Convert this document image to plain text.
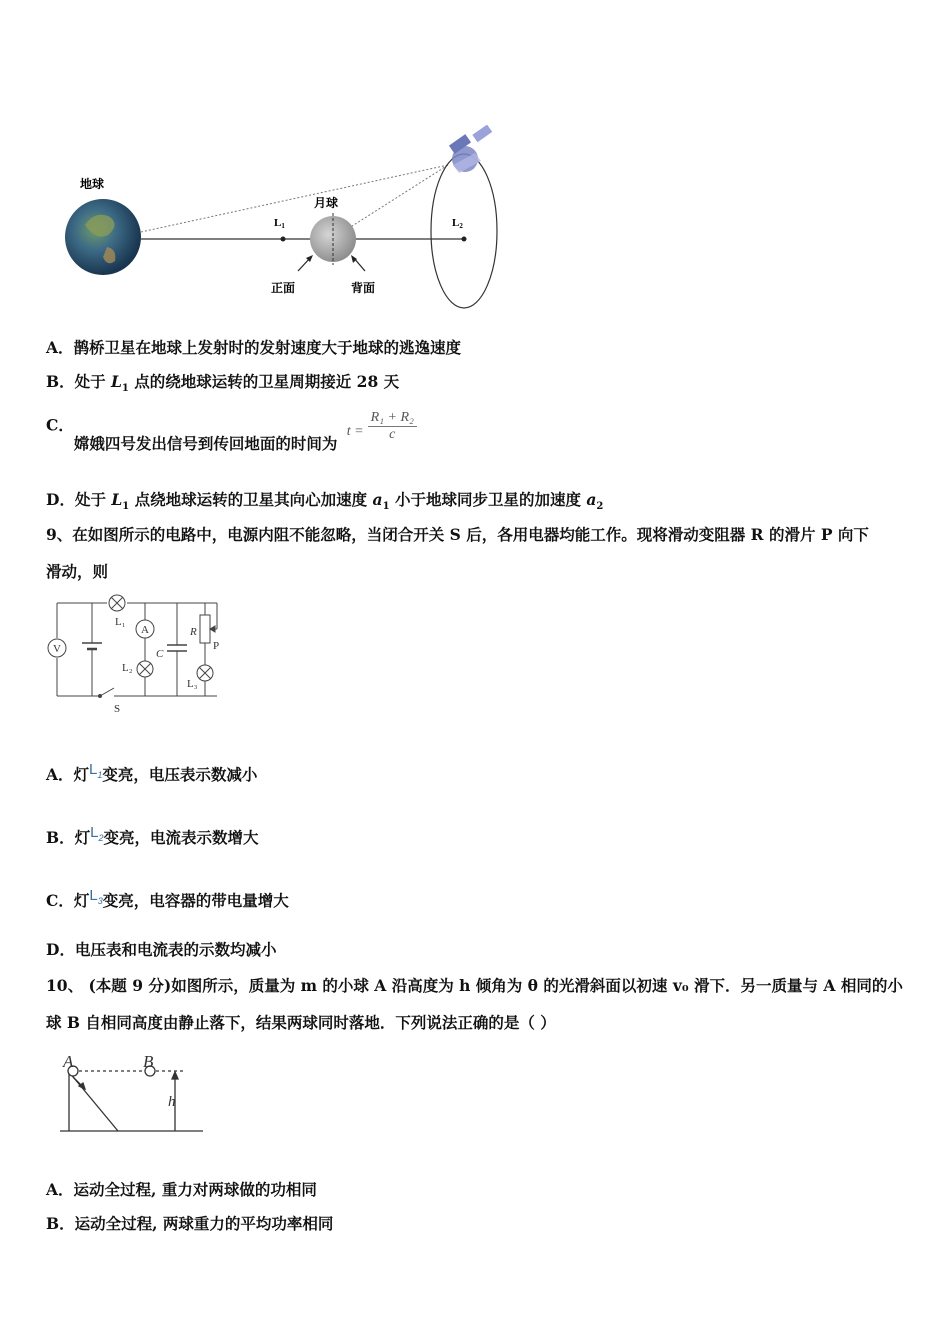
地球
月球
L1	L2
正面	背面
A．鹊桥卫星在地球上发射时的发射速度大于地球的逃逸速度
B．处于 $L_1$ 点的绕地球运转的卫星周期接近 28 天
C．嫦娥四号发出信号到传回地面的时间为 $t = \frac{\text{R₁ + R₂}}{c}$
D．处于 $L_1$ 点绕地球运转的卫星其向心加速度 $a_1$ 小于地球同步卫星的加速度 $a_2$
9、在如图所示的电路中，电源内阻不能忽略，当闭合开关 S 后，各用电器均能工作。现将滑动变阻器 R 的滑片 P 向下
滑动，则
V
A
L₁
L₂
L₃
C
R
P
S
A．灯$L_1$变亮，电压表示数减小
B．灯$L_2$变亮，电流表示数增大
C．灯$L_3$变亮，电容器的带电量增大
D．电压表和电流表的示数均减小
10、 (本题 9 分)如图所示，质量为 m 的小球 A 沿高度为 h 倾角为 θ 的光滑斜面以初速 v₀ 滑下．另一质量与 A 相同的小
球 B 自相同高度由静止落下，结果两球同时落地．下列说法正确的是（ ）
A	B
h
A．运动全过程, 重力对两球做的功相同
B．运动全过程, 两球重力的平均功率相同
